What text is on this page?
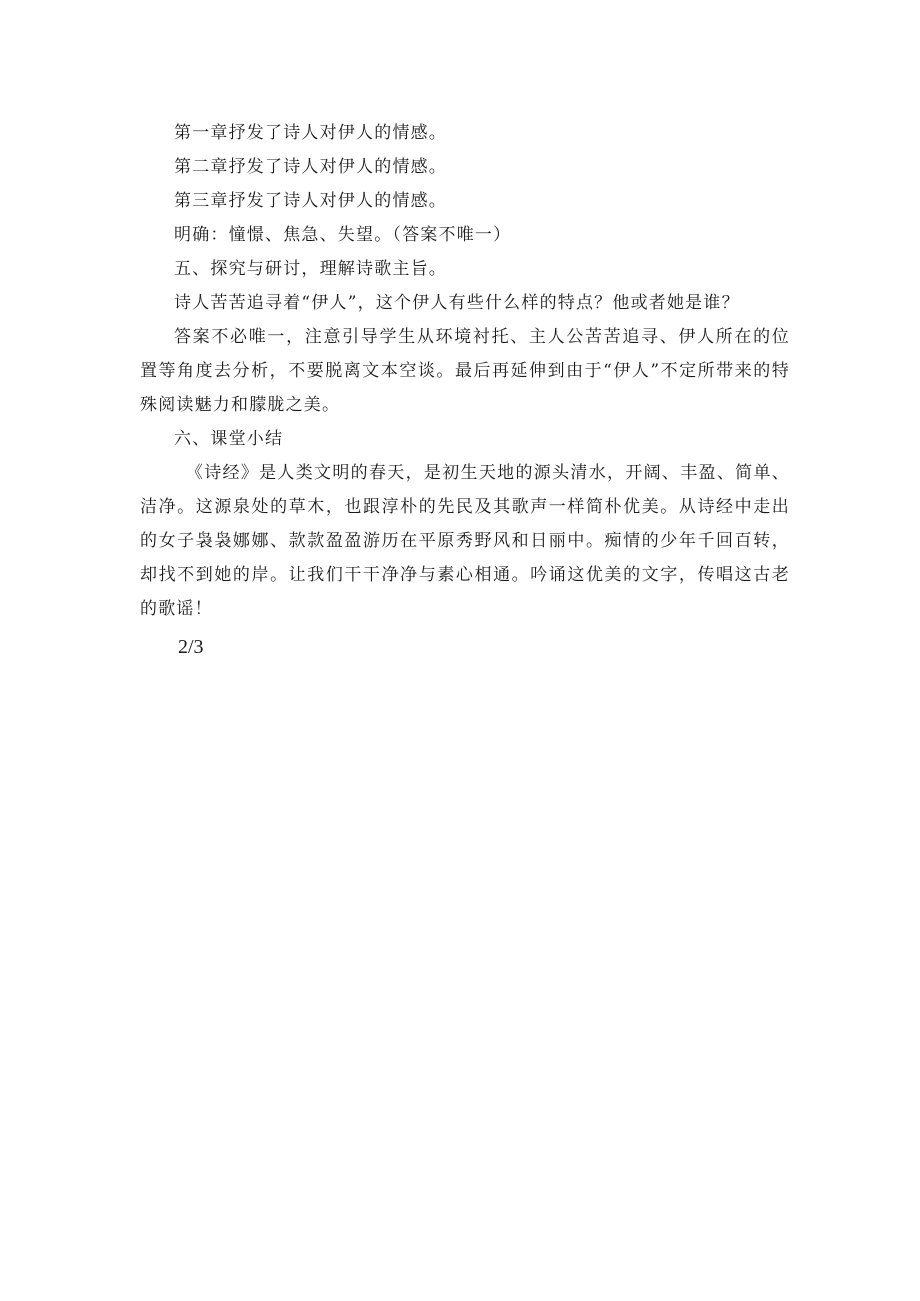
第一章抒发了诗人对伊人的情感。

第二章抒发了诗人对伊人的情感。

第三章抒发了诗人对伊人的情感。

明确：憧憬、焦急、失望。（答案不唯一）

五、探究与研讨，理解诗歌主旨。

诗人苦苦追寻着“伊人”，这个伊人有些什么样的特点？他或者她是谁？

答案不必唯一，注意引导学生从环境衬托、主人公苦苦追寻、伊人所在的位置等角度去分析，不要脱离文本空谈。最后再延伸到由于“伊人”不定所带来的特殊阅读魅力和朦胧之美。

六、课堂小结

《诗经》是人类文明的春天，是初生天地的源头清水，开阔、丰盈、简单、洁净。这源泉处的草木，也跟淳朴的先民及其歌声一样简朴优美。从诗经中走出的女子袅袅娜娜、款款盈盈游历在平原秀野风和日丽中。痴情的少年千回百转，却找不到她的岸。让我们干干净净与素心相通。吟诵这优美的文字，传唱这古老的歌谣！

2/3
